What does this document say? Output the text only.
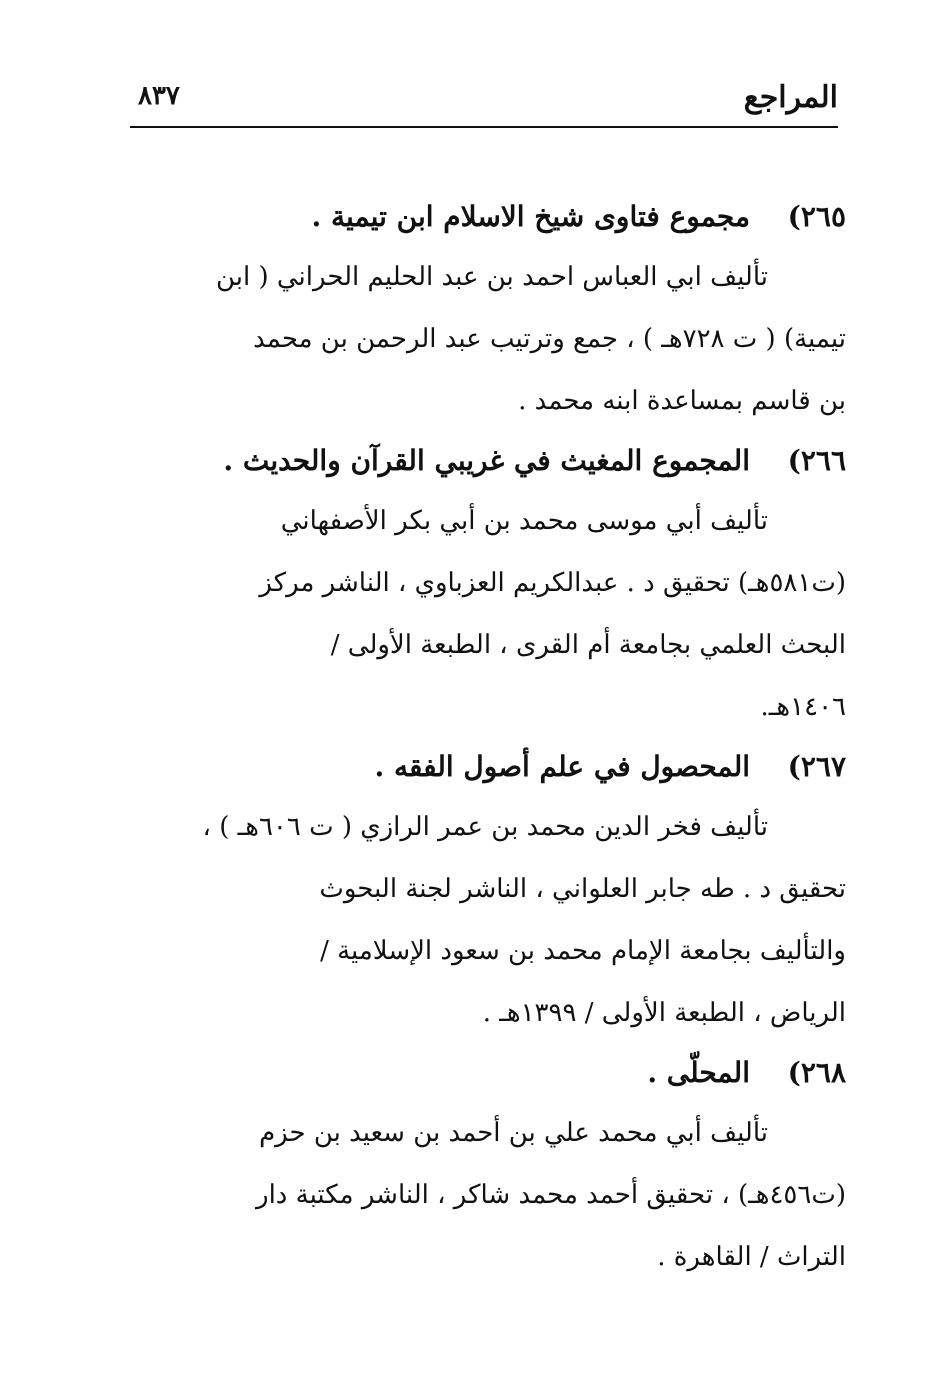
المراجع
٨٣٧
٢٦٥)
مجموع فتاوى شيخ الاسلام ابن تيمية .
تأليف ابي العباس احمد بن عبد الحليم الحراني ( ابن
تيمية) ( ت ٧٢٨هـ ) ، جمع وترتيب عبد الرحمن بن محمد
بن قاسم بمساعدة ابنه محمد .
٢٦٦)
المجموع المغيث في غريبي القرآن والحديث .
تأليف أبي موسى محمد بن أبي بكر الأصفهاني
(ت٥٨١هـ) تحقيق د . عبدالكريم العزباوي ، الناشر مركز
البحث العلمي بجامعة أم القرى ، الطبعة الأولى /
١٤٠٦هـ.
٢٦٧)
المحصول في علم أصول الفقه .
تأليف فخر الدين محمد بن عمر الرازي ( ت ٦٠٦هـ ) ،
تحقيق د . طه جابر العلواني ، الناشر لجنة البحوث
والتأليف بجامعة الإمام محمد بن سعود الإسلامية /
الرياض ، الطبعة الأولى / ١٣٩٩هـ .
٢٦٨)
المحلّى .
تأليف أبي محمد علي بن أحمد بن سعيد بن حزم
(ت٤٥٦هـ) ، تحقيق أحمد محمد شاكر ، الناشر مكتبة دار
التراث / القاهرة .
